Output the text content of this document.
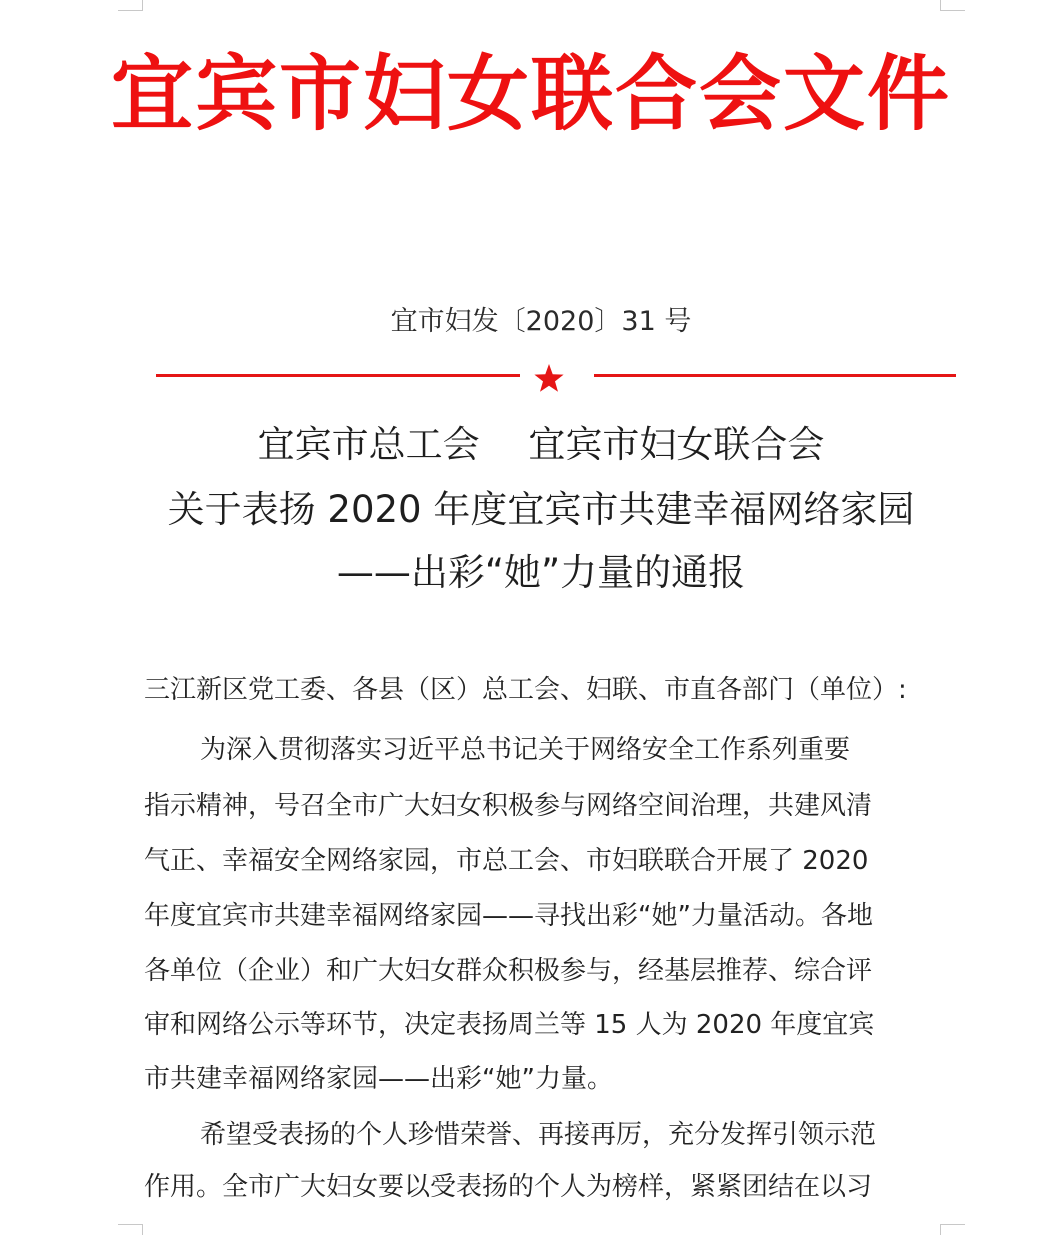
宜宾市妇女联合会文件
宜市妇发〔2020〕31 号
宜宾市总工会　 宜宾市妇女联合会
关于表扬 2020 年度宜宾市共建幸福网络家园
——出彩“她”力量的通报
三江新区党工委、各县（区）总工会、妇联、市直各部门（单位）:
为深入贯彻落实习近平总书记关于网络安全工作系列重要
指示精神，号召全市广大妇女积极参与网络空间治理，共建风清
气正、幸福安全网络家园，市总工会、市妇联联合开展了 2020
年度宜宾市共建幸福网络家园——寻找出彩“她”力量活动。各地
各单位（企业）和广大妇女群众积极参与，经基层推荐、综合评
审和网络公示等环节，决定表扬周兰等 15 人为 2020 年度宜宾
市共建幸福网络家园——出彩“她”力量。
希望受表扬的个人珍惜荣誉、再接再厉，充分发挥引领示范
作用。全市广大妇女要以受表扬的个人为榜样，紧紧团结在以习
